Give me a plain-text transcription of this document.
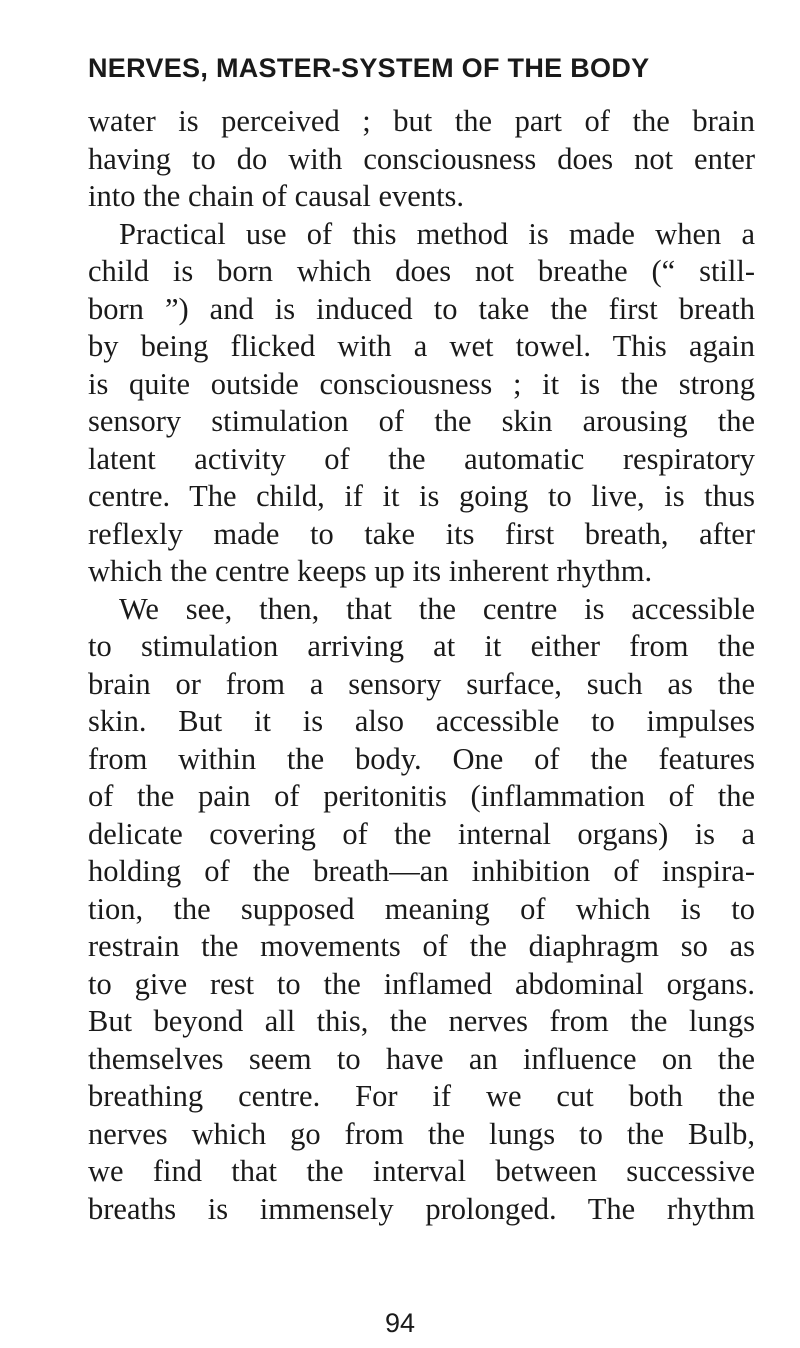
NERVES, MASTER-SYSTEM OF THE BODY
water is perceived ; but the part of the brain
having to do with consciousness does not enter
into the chain of causal events.
Practical use of this method is made when a
child is born which does not breathe (“ still-
born ”) and is induced to take the first breath
by being flicked with a wet towel. This again
is quite outside consciousness ; it is the strong
sensory stimulation of the skin arousing the
latent activity of the automatic respiratory
centre. The child, if it is going to live, is thus
reflexly made to take its first breath, after
which the centre keeps up its inherent rhythm.
We see, then, that the centre is accessible
to stimulation arriving at it either from the
brain or from a sensory surface, such as the
skin. But it is also accessible to impulses
from within the body. One of the features
of the pain of peritonitis (inflammation of the
delicate covering of the internal organs) is a
holding of the breath—an inhibition of inspira-
tion, the supposed meaning of which is to
restrain the movements of the diaphragm so as
to give rest to the inflamed abdominal organs.
But beyond all this, the nerves from the lungs
themselves seem to have an influence on the
breathing centre. For if we cut both the
nerves which go from the lungs to the Bulb,
we find that the interval between successive
breaths is immensely prolonged. The rhythm
94
